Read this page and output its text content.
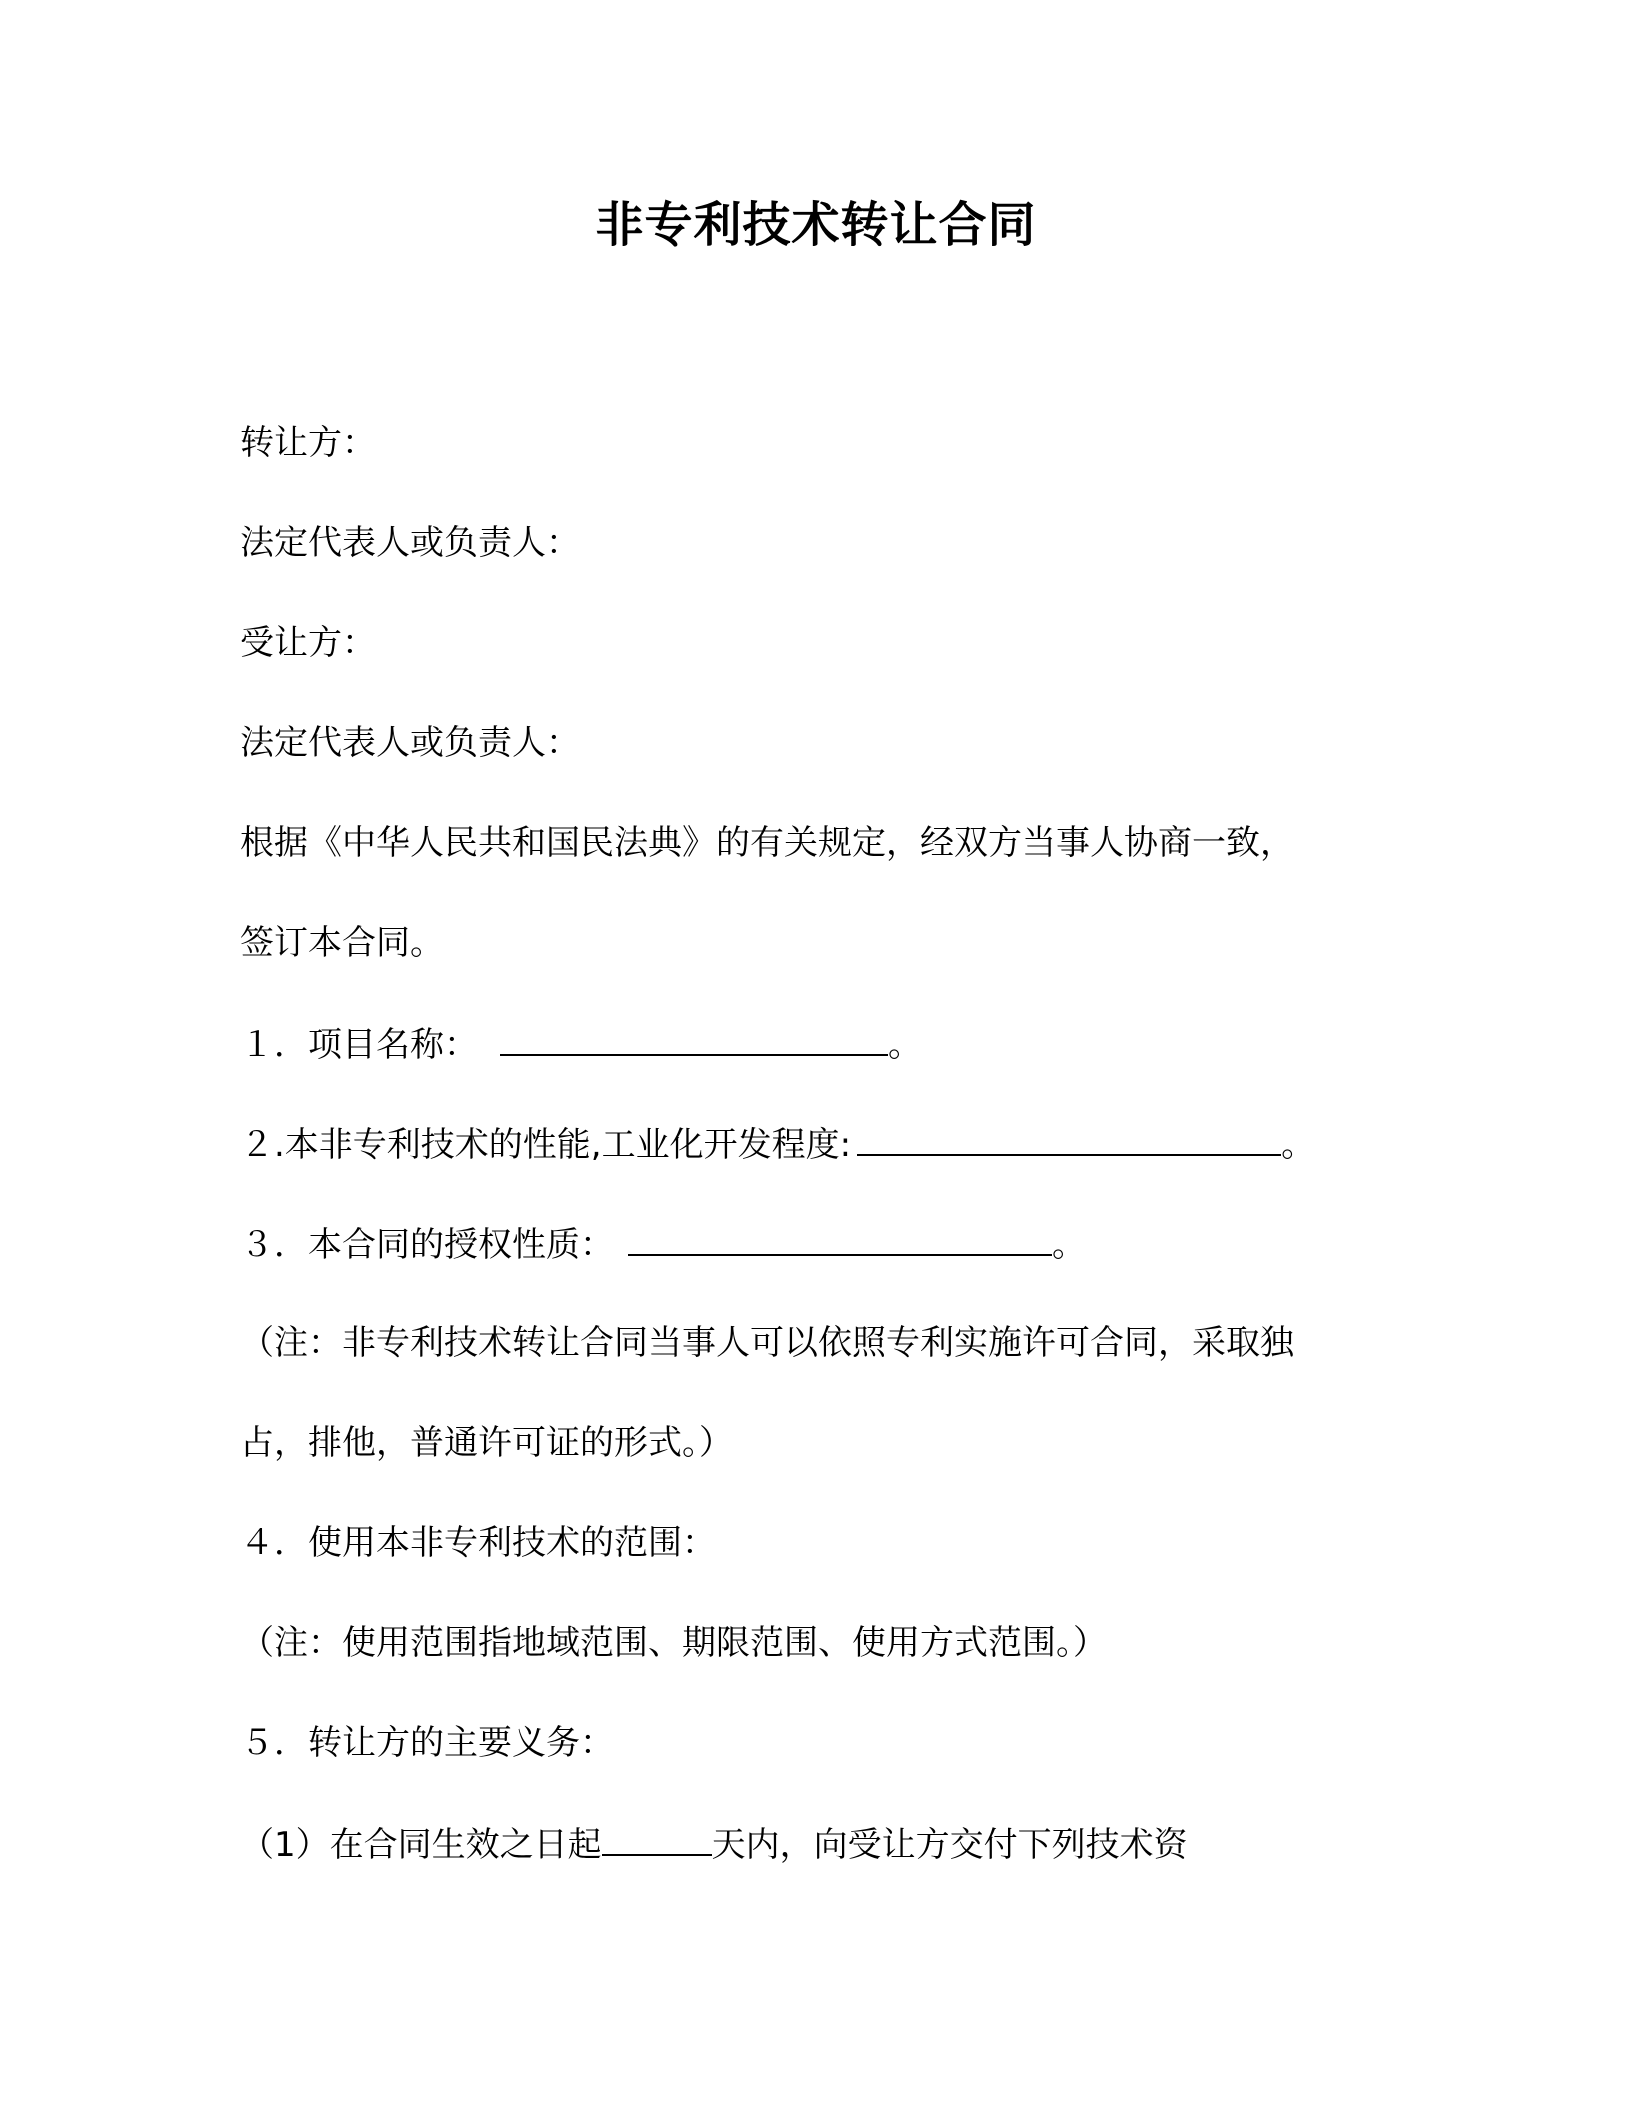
非专利技术转让合同
转让方：
法定代表人或负责人：
受让方：
法定代表人或负责人：
根据《中华人民共和国民法典》的有关规定，经双方当事人协商一致，
签订本合同。
１．项目名称：	。
２.本非专利技术的性能,工业化开发程度:	。
３．本合同的授权性质：	。
（注：非专利技术转让合同当事人可以依照专利实施许可合同，采取独
占，排他，普通许可证的形式。）
４．使用本非专利技术的范围：
（注：使用范围指地域范围、期限范围、使用方式范围。）
５．转让方的主要义务：
（1）在合同生效之日起	天内，向受让方交付下列技术资
